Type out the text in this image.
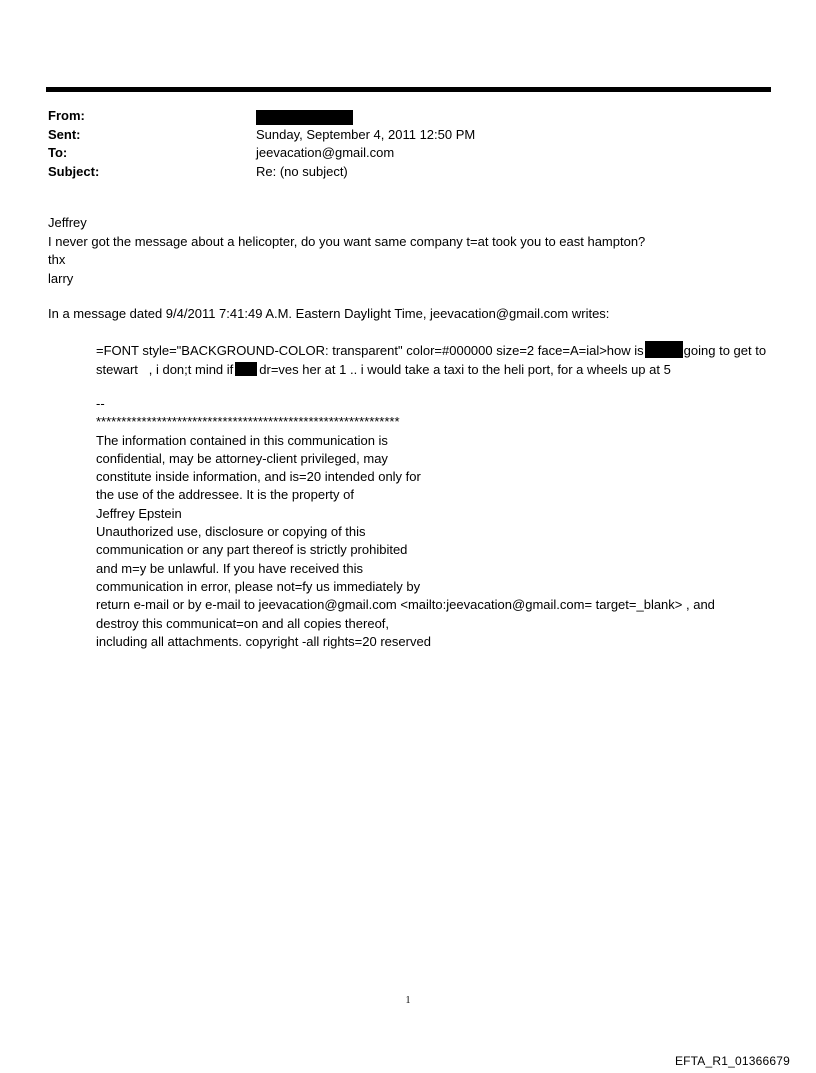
From:
Sent:	Sunday, September 4, 2011 12:50 PM
To:	jeevacation@gmail.com
Subject:	Re: (no subject)
Jeffrey
I never got the message about a helicopter, do you want same company t=at took you to east hampton?
thx
larry
In a message dated 9/4/2011 7:41:49 A.M. Eastern Daylight Time, jeevacation@gmail.com writes:
=FONT style="BACKGROUND-COLOR: transparent" color=#000000 size=2 face=A=ial>how is	going to get to stewart   , i don;t mind if dr=ves her at 1 .. i would take a taxi to the heli port, for a wheels up at 5
--
************************************************************
The information contained in this communication is
confidential, may be attorney-client privileged, may
constitute inside information, and is=20 intended only for
the use of the addressee. It is the property of
Jeffrey Epstein
Unauthorized use, disclosure or copying of this
communication or any part thereof is strictly prohibited
and m=y be unlawful. If you have received this
communication in error, please not=fy us immediately by
return e-mail or by e-mail to jeevacation@gmail.com <mailto:jeevacation@gmail.com= target=_blank> , and
destroy this communicat=on and all copies thereof,
including all attachments. copyright -all rights=20 reserved
1
EFTA_R1_01366679
